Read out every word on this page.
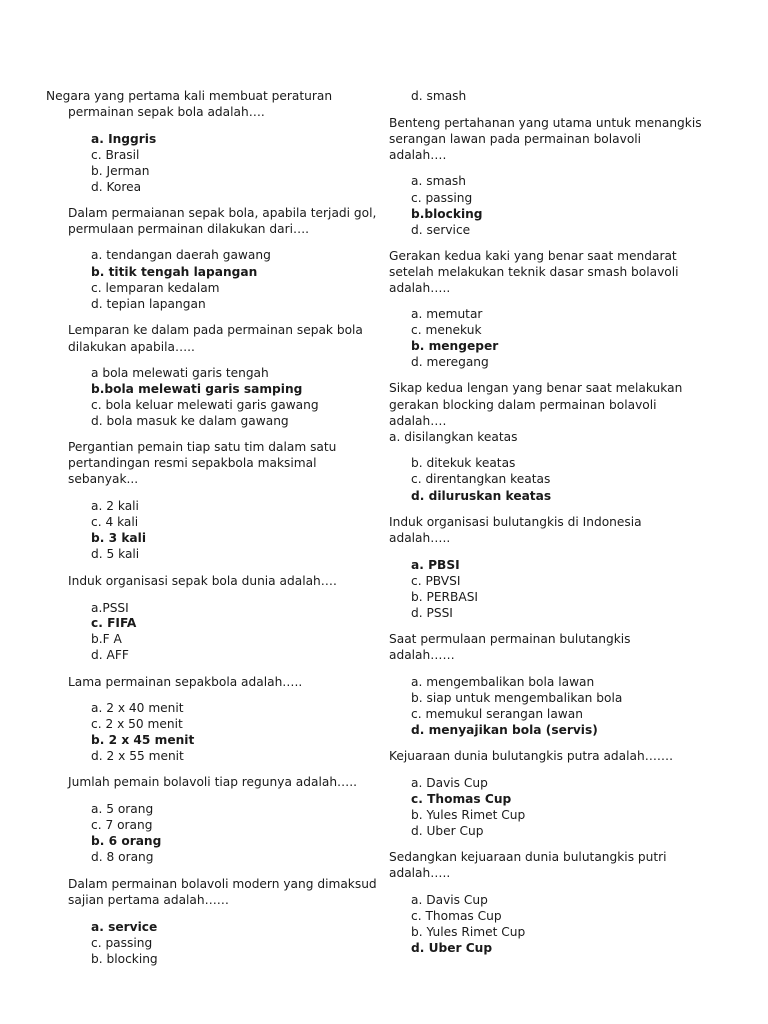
Negara yang pertama kali membuat peraturan
permainan sepak bola adalah….
a. Inggris
c. Brasil
b. Jerman
d. Korea
Dalam permaianan sepak bola, apabila terjadi gol,
permulaan permainan dilakukan dari….
a. tendangan daerah gawang
b. titik tengah lapangan
c. lemparan kedalam
d. tepian lapangan
Lemparan ke dalam pada permainan sepak bola
dilakukan apabila…..
a bola melewati garis tengah
b.bola melewati garis samping
c. bola keluar melewati garis gawang
d. bola masuk ke dalam gawang
Pergantian pemain tiap satu tim dalam satu
pertandingan resmi sepakbola maksimal
sebanyak...
a. 2 kali
c. 4 kali
b. 3 kali
d. 5 kali
Induk organisasi sepak bola dunia adalah….
a.PSSI
c. FIFA
b.F A
d. AFF
Lama permainan sepakbola adalah…..
a. 2 x 40 menit
c. 2 x 50 menit
b. 2 x 45 menit
d. 2 x 55 menit
Jumlah pemain bolavoli tiap regunya adalah…..
a. 5 orang
c. 7 orang
b. 6 orang
d. 8 orang
Dalam permainan bolavoli modern yang dimaksud
sajian pertama adalah……
a. service
c. passing
b. blocking
d. smash
Benteng pertahanan yang utama untuk menangkis
serangan lawan pada permainan bolavoli
adalah….
a. smash
c. passing
b.blocking
d. service
Gerakan kedua kaki yang benar saat mendarat
setelah melakukan teknik dasar smash bolavoli
adalah…..
a. memutar
c. menekuk
b. mengeper
d. meregang
Sikap kedua lengan yang benar saat melakukan
gerakan blocking dalam permainan bolavoli
adalah….
a. disilangkan keatas
b. ditekuk keatas
c. direntangkan keatas
d. diluruskan keatas
Induk organisasi bulutangkis di Indonesia
adalah…..
a. PBSI
c. PBVSI
b. PERBASI
d. PSSI
Saat permulaan permainan bulutangkis
adalah……
a. mengembalikan bola lawan
b. siap untuk mengembalikan bola
c. memukul serangan lawan
d. menyajikan bola (servis)
Kejuaraan dunia bulutangkis putra adalah…….
a. Davis Cup
c. Thomas Cup
b. Yules Rimet Cup
d. Uber Cup
Sedangkan kejuaraan dunia bulutangkis putri
adalah…..
a. Davis Cup
c. Thomas Cup
b. Yules Rimet Cup
d. Uber Cup
